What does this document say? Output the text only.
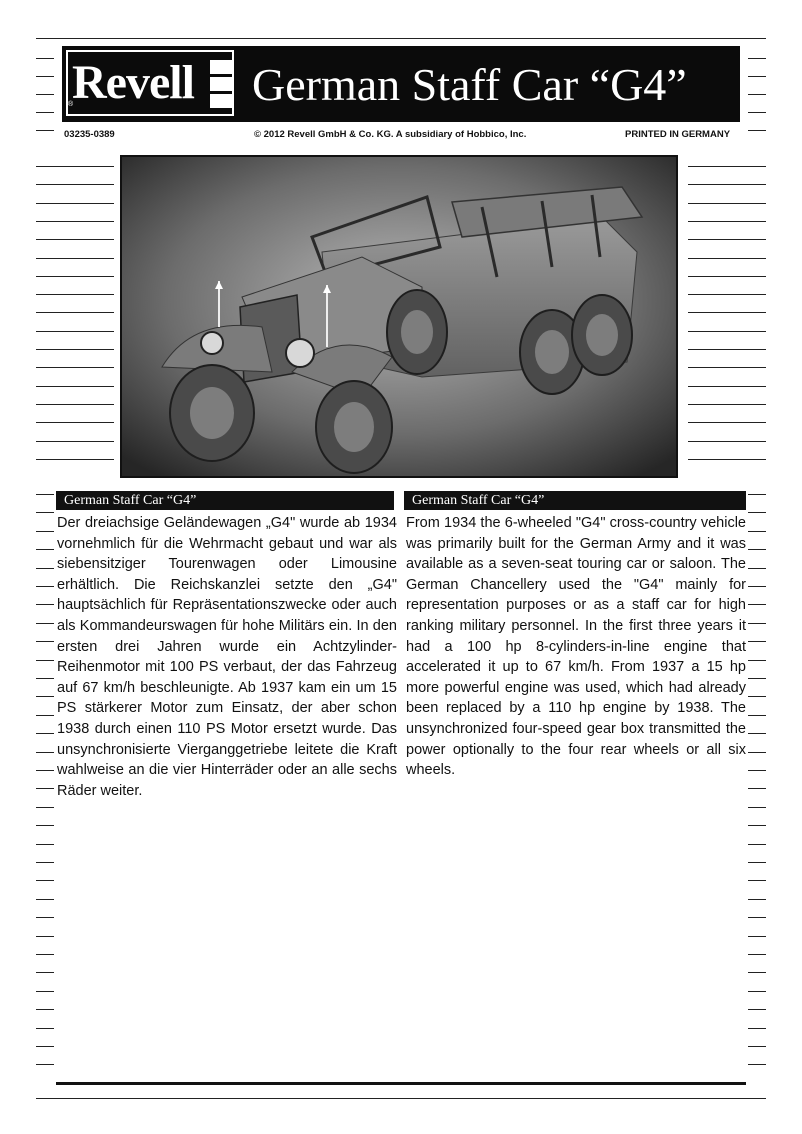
Revell
®	German Staff Car “G4”
03235-0389	© 2012 Revell GmbH & Co. KG. A subsidiary of Hobbico, Inc.	PRINTED IN GERMANY
German Staff Car “G4”	German Staff Car “G4”
Der dreiachsige Geländewagen „G4" wurde ab 1934 vornehmlich für die Wehrmacht gebaut und war als siebensitziger Tourenwagen oder Limousine erhältlich. Die Reichskanzlei setzte den „G4" hauptsächlich für Repräsentationszwecke oder auch als Kommandeurswagen für hohe Militärs ein. In den ersten drei Jahren wurde ein Achtzylinder-Reihenmotor mit 100 PS verbaut, der das Fahrzeug auf 67 km/h beschleunigte. Ab 1937 kam ein um 15 PS stärkerer Motor zum Einsatz, der aber schon 1938 durch einen 110 PS Motor ersetzt wurde. Das unsynchronisierte Vierganggetriebe leitete die Kraft wahlweise an die vier Hinterräder oder an alle sechs Räder weiter.
From 1934 the 6-wheeled "G4" cross-country vehicle was primarily built for the German Army and it was available as a seven-seat touring car or saloon. The German Chancellery used the "G4" mainly for representation purposes or as a staff car for high ranking military personnel. In the first three years it had a 100 hp 8-cylinders-in-line engine that accelerated it up to 67 km/h. From 1937 a 15 hp more powerful engine was used, which had already been replaced by a 110 hp engine by 1938. The unsynchronized four-speed gear box transmitted the power optionally to the four rear wheels or all six wheels.
